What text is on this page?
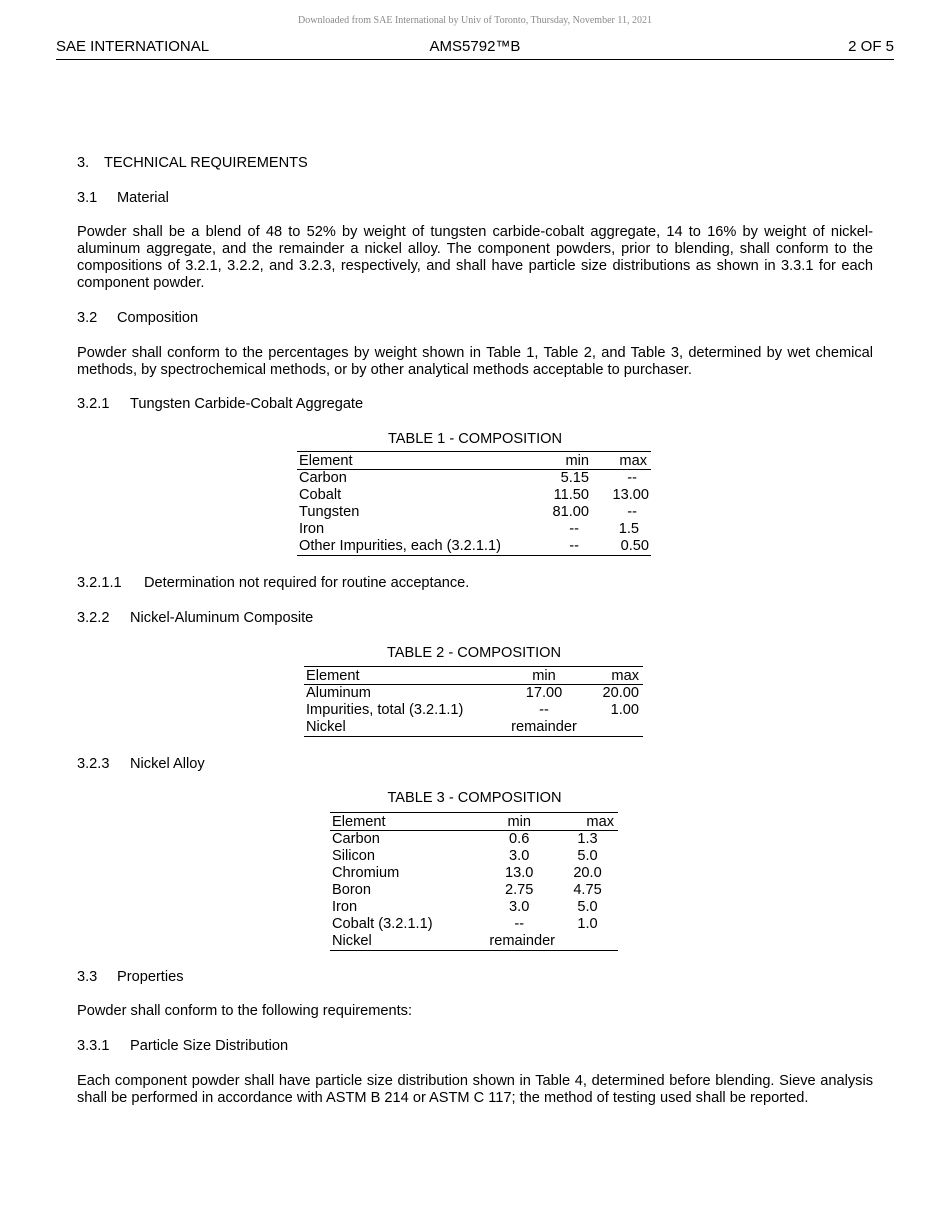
Downloaded from SAE International by Univ of Toronto, Thursday, November 11, 2021
SAE INTERNATIONAL	AMS5792™B	2 OF 5
3. TECHNICAL REQUIREMENTS
3.1 Material
Powder shall be a blend of 48 to 52% by weight of tungsten carbide-cobalt aggregate, 14 to 16% by weight of nickel-aluminum aggregate, and the remainder a nickel alloy. The component powders, prior to blending, shall conform to the compositions of 3.2.1, 3.2.2, and 3.2.3, respectively, and shall have particle size distributions as shown in 3.3.1 for each component powder.
3.2 Composition
Powder shall conform to the percentages by weight shown in Table 1, Table 2, and Table 3, determined by wet chemical methods, by spectrochemical methods, or by other analytical methods acceptable to purchaser.
3.2.1 Tungsten Carbide-Cobalt Aggregate
TABLE 1 - COMPOSITION
Element	min	max
Carbon	5.15	--
Cobalt	11.50	13.00
Tungsten	81.00	--
Iron	--	1.5
Other Impurities, each (3.2.1.1)	--	0.50
3.2.1.1 Determination not required for routine acceptance.
3.2.2 Nickel-Aluminum Composite
TABLE 2 - COMPOSITION
Element	min	max
Aluminum	17.00	20.00
Impurities, total (3.2.1.1)	--	1.00
Nickel	remainder	
3.2.3 Nickel Alloy
TABLE 3 - COMPOSITION
Element	min	max
Carbon	0.6	1.3
Silicon	3.0	5.0
Chromium	13.0	20.0
Boron	2.75	4.75
Iron	3.0	5.0
Cobalt (3.2.1.1)	--	1.0
Nickel	remainder	
3.3 Properties
Powder shall conform to the following requirements:
3.3.1 Particle Size Distribution
Each component powder shall have particle size distribution shown in Table 4, determined before blending. Sieve analysis shall be performed in accordance with ASTM B 214 or ASTM C 117; the method of testing used shall be reported.
